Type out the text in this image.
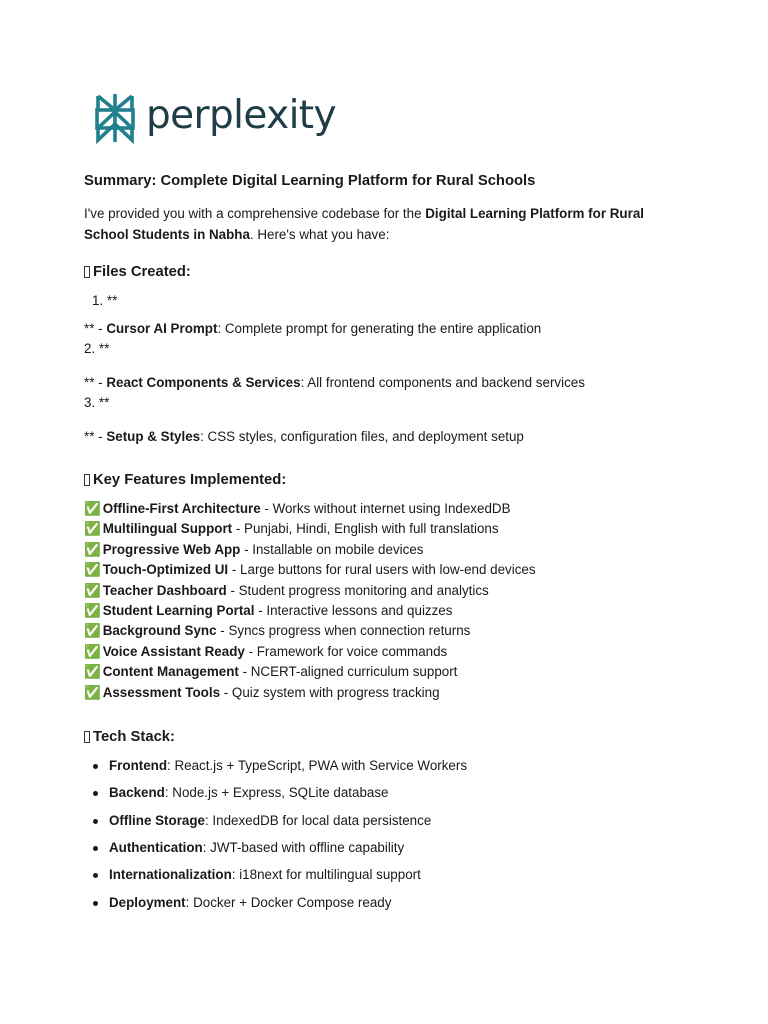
perplexity
Summary: Complete Digital Learning Platform for Rural Schools

I've provided you with a comprehensive codebase for the Digital Learning Platform for Rural School Students in Nabha. Here's what you have:

Files Created:
1. **
** - Cursor AI Prompt: Complete prompt for generating the entire application
2. **
** - React Components & Services: All frontend components and backend services
3. **
** - Setup & Styles: CSS styles, configuration files, and deployment setup
Key Features Implemented:
✅ Offline-First Architecture - Works without internet using IndexedDB
✅ Multilingual Support - Punjabi, Hindi, English with full translations
✅ Progressive Web App - Installable on mobile devices
✅ Touch-Optimized UI - Large buttons for rural users with low-end devices
✅ Teacher Dashboard - Student progress monitoring and analytics
✅ Student Learning Portal - Interactive lessons and quizzes
✅ Background Sync - Syncs progress when connection returns
✅ Voice Assistant Ready - Framework for voice commands
✅ Content Management - NCERT-aligned curriculum support
✅ Assessment Tools - Quiz system with progress tracking
Tech Stack:
Frontend: React.js + TypeScript, PWA with Service Workers
Backend: Node.js + Express, SQLite database
Offline Storage: IndexedDB for local data persistence
Authentication: JWT-based with offline capability
Internationalization: i18next for multilingual support
Deployment: Docker + Docker Compose ready
